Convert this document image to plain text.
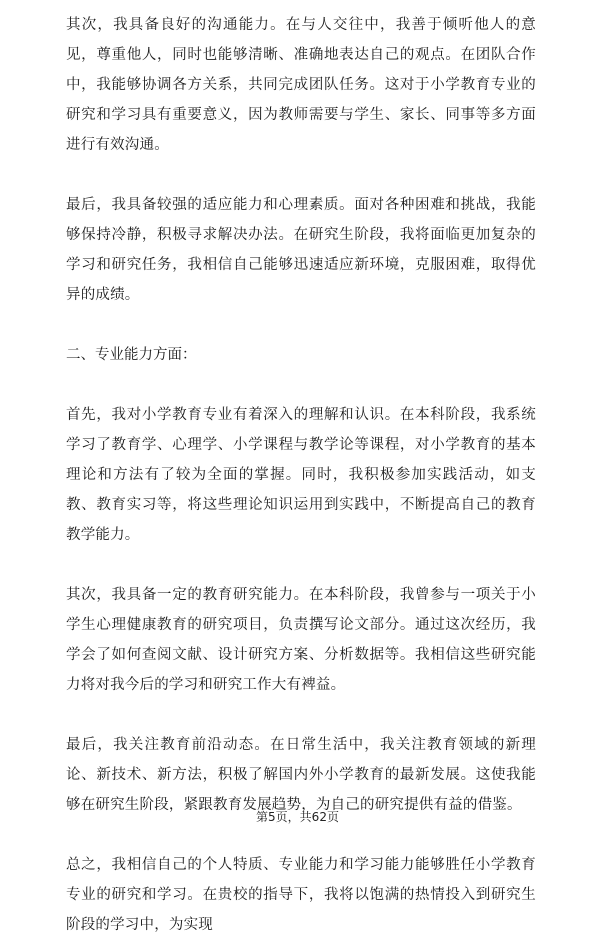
其次，我具备良好的沟通能力。在与人交往中，我善于倾听他人的意见，尊重他人，同时也能够清晰、准确地表达自己的观点。在团队合作中，我能够协调各方关系，共同完成团队任务。这对于小学教育专业的研究和学习具有重要意义，因为教师需要与学生、家长、同事等多方面进行有效沟通。

最后，我具备较强的适应能力和心理素质。面对各种困难和挑战，我能够保持冷静，积极寻求解决办法。在研究生阶段，我将面临更加复杂的学习和研究任务，我相信自己能够迅速适应新环境，克服困难，取得优异的成绩。

二、专业能力方面：

首先，我对小学教育专业有着深入的理解和认识。在本科阶段，我系统学习了教育学、心理学、小学课程与教学论等课程，对小学教育的基本理论和方法有了较为全面的掌握。同时，我积极参加实践活动，如支教、教育实习等，将这些理论知识运用到实践中，不断提高自己的教育教学能力。

其次，我具备一定的教育研究能力。在本科阶段，我曾参与一项关于小学生心理健康教育的研究项目，负责撰写论文部分。通过这次经历，我学会了如何查阅文献、设计研究方案、分析数据等。我相信这些研究能力将对我今后的学习和研究工作大有裨益。

最后，我关注教育前沿动态。在日常生活中，我关注教育领域的新理论、新技术、新方法，积极了解国内外小学教育的最新发展。这使我能够在研究生阶段，紧跟教育发展趋势，为自己的研究提供有益的借鉴。

总之，我相信自己的个人特质、专业能力和学习能力能够胜任小学教育专业的研究和学习。在贵校的指导下，我将以饱满的热情投入到研究生阶段的学习中，为实现

第5页，共62页
